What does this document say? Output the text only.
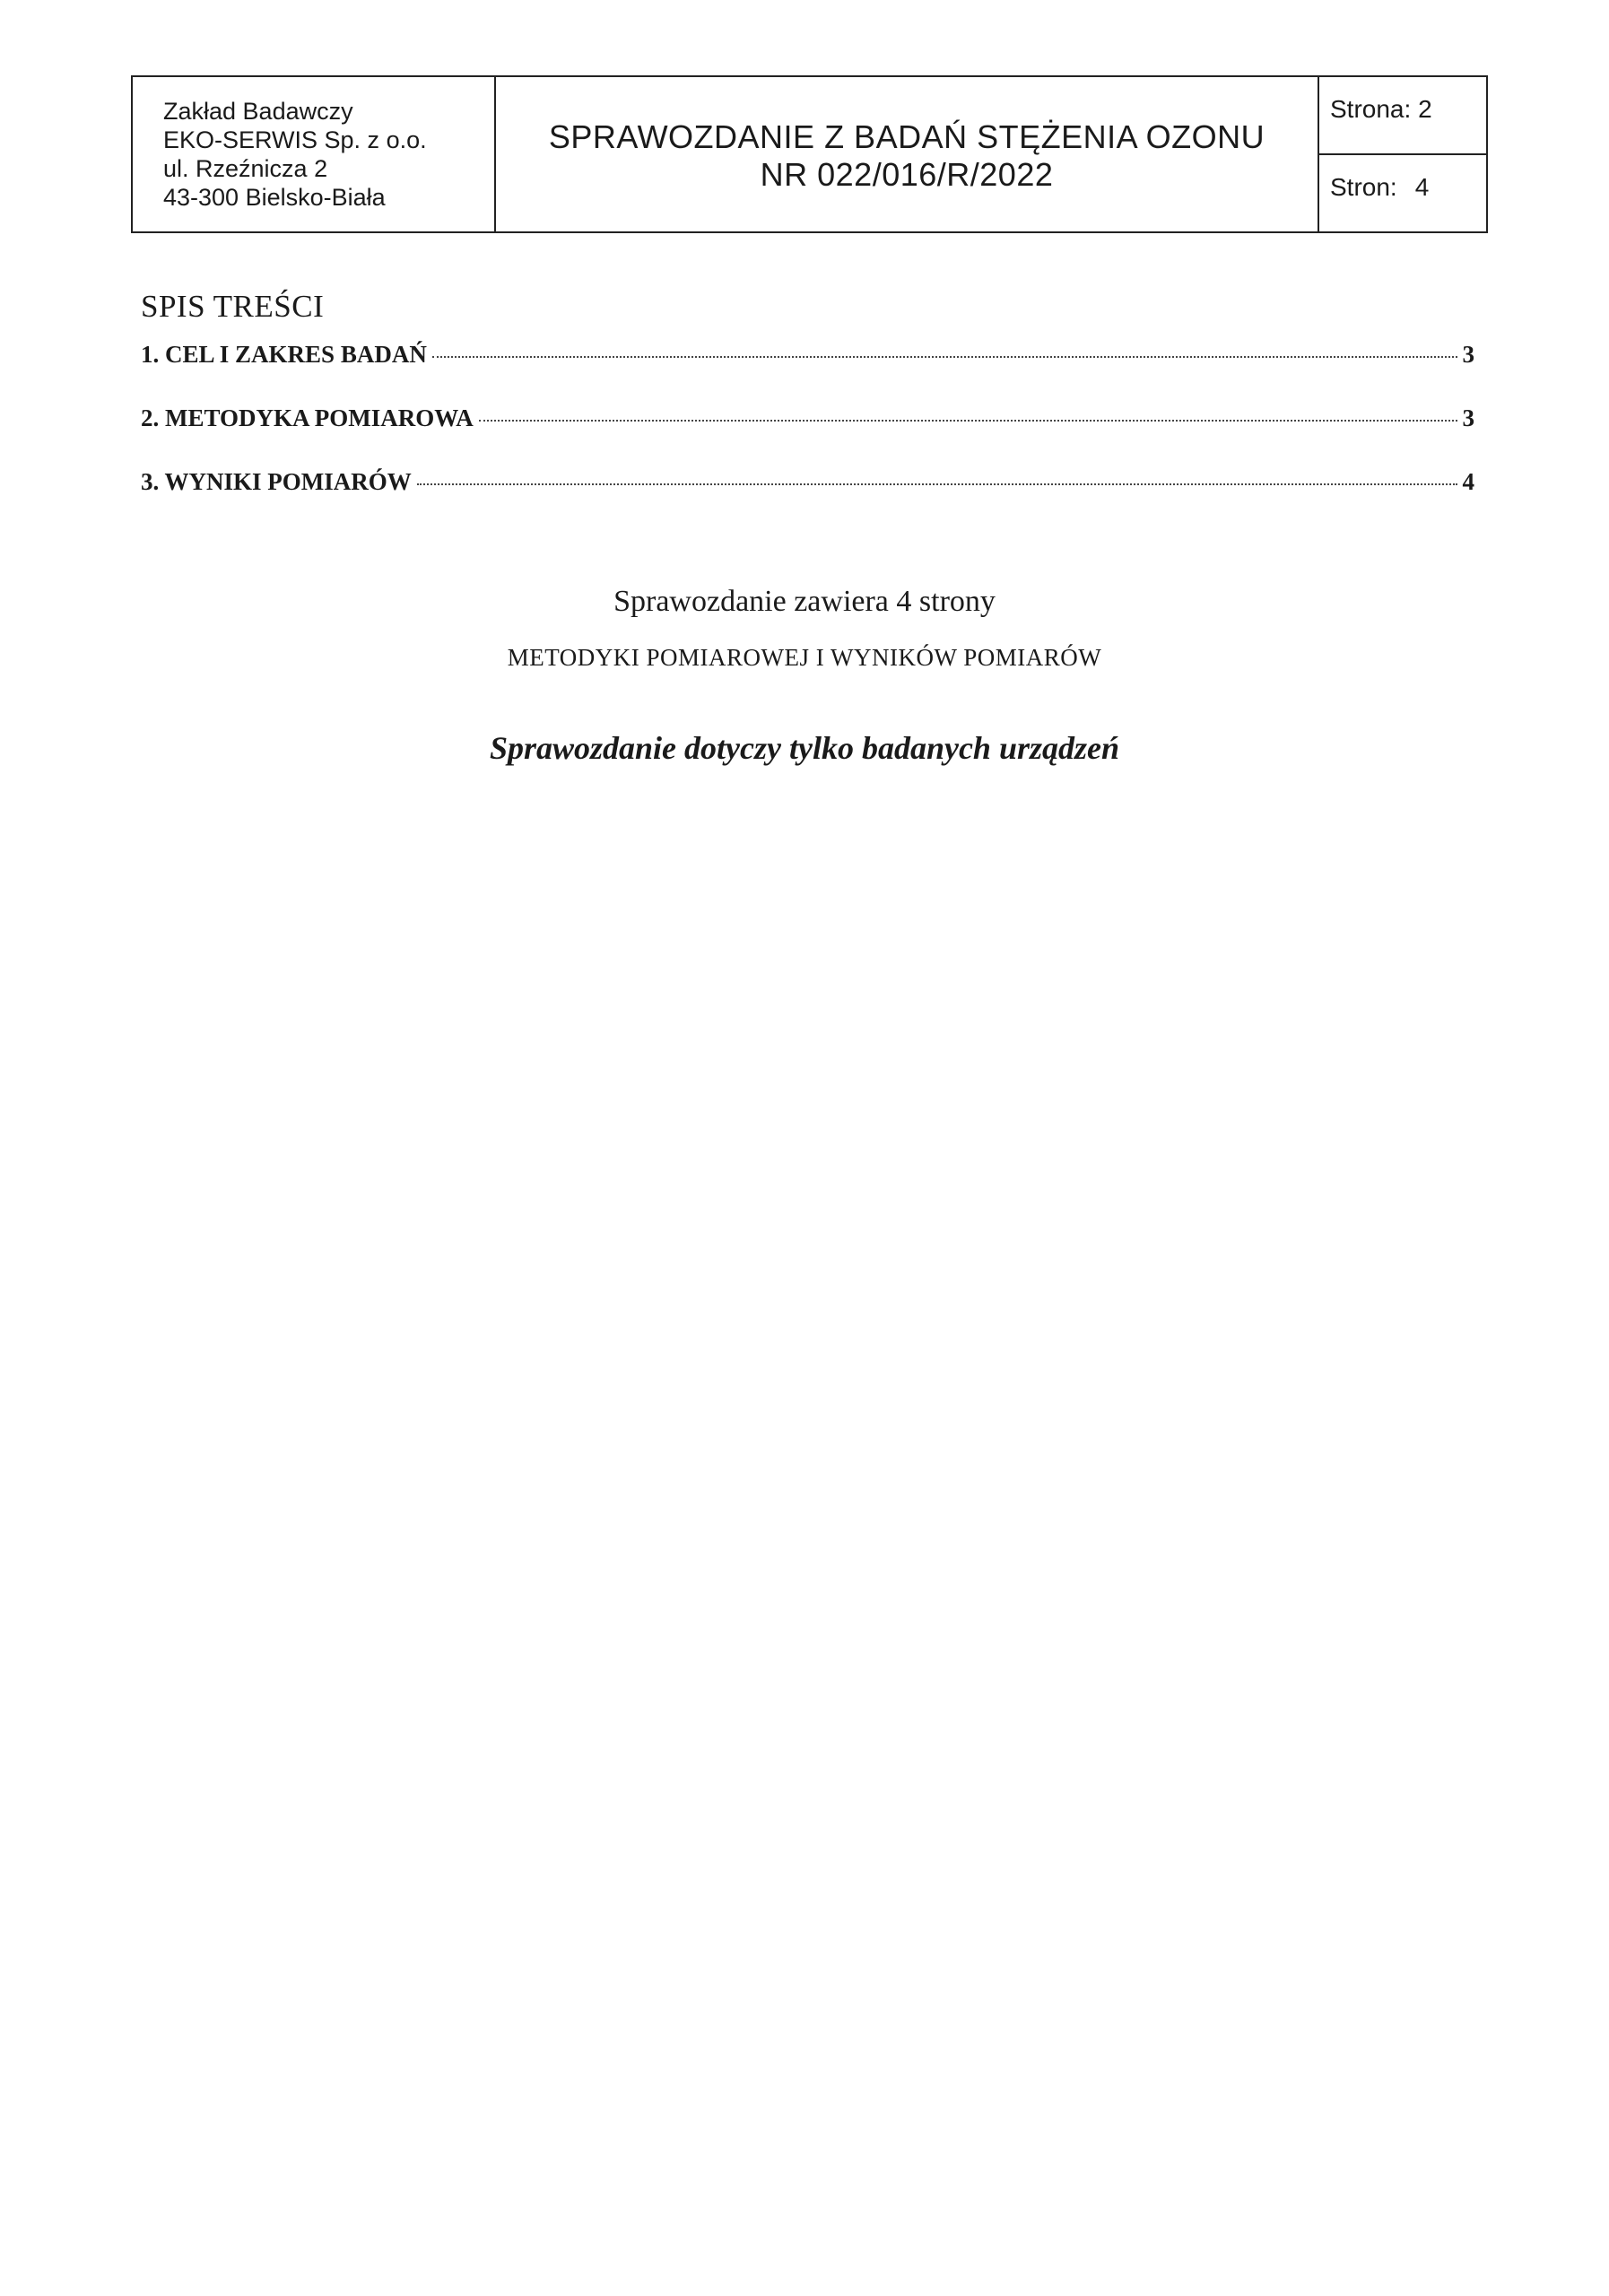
Zakład Badawczy
EKO-SERWIS Sp. z o.o.
ul. Rzeźnicza 2
43-300 Bielsko-Biała
SPRAWOZDANIE Z BADAŃ STĘŻENIA OZONU
NR 022/016/R/2022
Strona: 2
Stron: 4
SPIS TREŚCI
1. CEL I ZAKRES BADAŃ	3
2. METODYKA POMIAROWA	3
3. WYNIKI POMIARÓW	4
Sprawozdanie zawiera 4 strony
METODYKI POMIAROWEJ I WYNIKÓW POMIARÓW
Sprawozdanie dotyczy tylko badanych urządzeń
